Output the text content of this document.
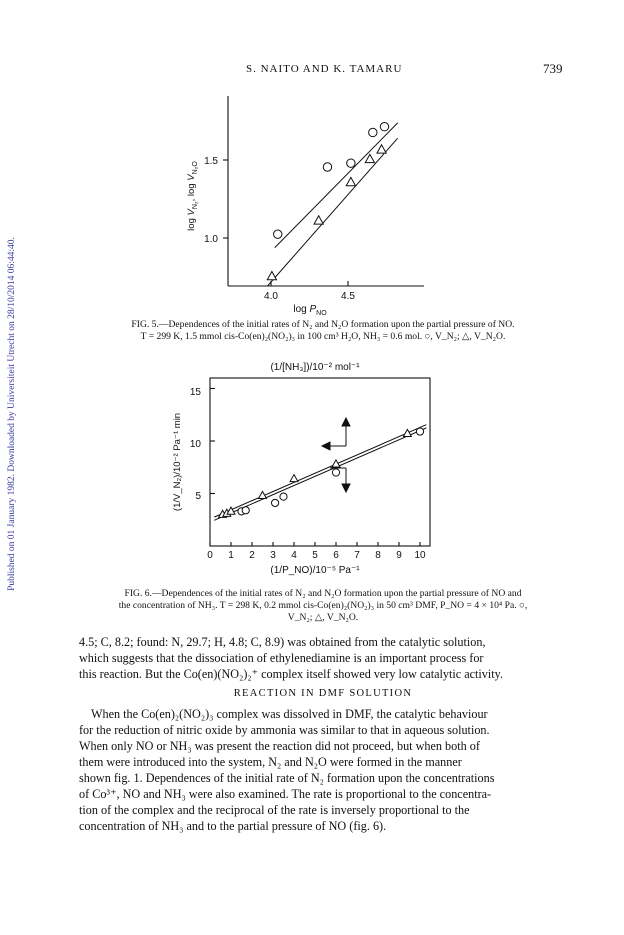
Published on 01 January 1982. Downloaded by Universiteit Utrecht on 28/10/2014 06:44:40.
S. NAITO AND K. TAMARU	739
1.5
1.0
4.0	4.5
$\log V_{N_2}$, $\log V_{N_2O}$
$\log P_{NO}$
FIG. 5.—Dependences of the initial rates of N₂ and N₂O formation upon the partial pressure of NO.
T = 299 K, 1.5 mmol cis-Co(en)₂(NO₂)₃ in 100 cm³ H₂O, NH₃ = 0.6 mol. ○, V_N₂; △, V_N₂O.
(1/[NH₃])/10⁻² mol⁻¹
5
10
15
0 1 2 3 4 5 6 7 8 9 10
(1/P_NO)/10⁻⁵ Pa⁻¹
(1/V_N₂)/10⁻² Pa⁻¹ min
FIG. 6.—Dependences of the initial rates of N₂ and N₂O formation upon the partial pressure of NO and
the concentration of NH₃. T = 298 K, 0.2 mmol cis-Co(en)₂(NO₂)₃ in 50 cm³ DMF, P_NO = 4 × 10⁴ Pa. ○,
V_N₂; △, V_N₂O.
4.5; C, 8.2; found: N, 29.7; H, 4.8; C, 8.9) was obtained from the catalytic solution,
which suggests that the dissociation of ethylenediamine is an important process for
this reaction. But the Co(en)(NO₂)₂⁺ complex itself showed very low catalytic activity.
REACTION IN DMF SOLUTION
When the Co(en)₂(NO₂)₃ complex was dissolved in DMF, the catalytic behaviour
for the reduction of nitric oxide by ammonia was similar to that in aqueous solution.
When only NO or NH₃ was present the reaction did not proceed, but when both of
them were introduced into the system, N₂ and N₂O were formed in the manner
shown fig. 1. Dependences of the initial rate of N₂ formation upon the concentrations
of Co³⁺, NO and NH₃ were also examined. The rate is proportional to the concentra-
tion of the complex and the reciprocal of the rate is inversely proportional to the
concentration of NH₃ and to the partial pressure of NO (fig. 6).
